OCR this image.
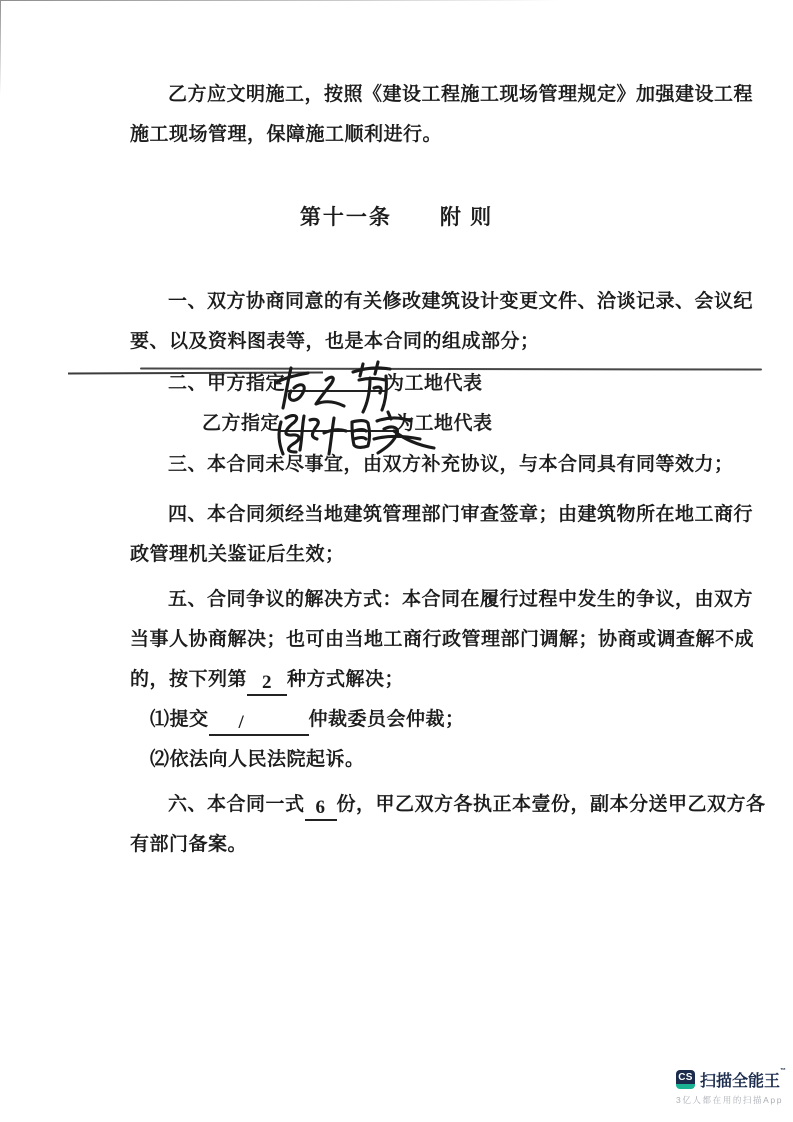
乙方应文明施工，按照《建设工程施工现场管理规定》加强建设工程
施工现场管理，保障施工顺利进行。
第十一条 附 则
一、双方协商同意的有关修改建筑设计变更文件、洽谈记录、会议纪
要、以及资料图表等，也是本合同的组成部分；
二、甲方指定	为工地代表
乙方指定	为工地代表
三、本合同未尽事宜，由双方补充协议，与本合同具有同等效力；
四、本合同须经当地建筑管理部门审查签章；由建筑物所在地工商行
政管理机关鉴证后生效；
五、合同争议的解决方式：本合同在履行过程中发生的争议，由双方
当事人协商解决；也可由当地工商行政管理部门调解；协商或调查解不成
的，按下列第 2 种方式解决；
⑴提交 /	仲裁委员会仲裁；
⑵依法向人民法院起诉。
六、本合同一式 6 份，甲乙双方各执正本壹份，副本分送甲乙双方各
有部门备案。
CS 扫描全能王™
3亿人都在用的扫描App
